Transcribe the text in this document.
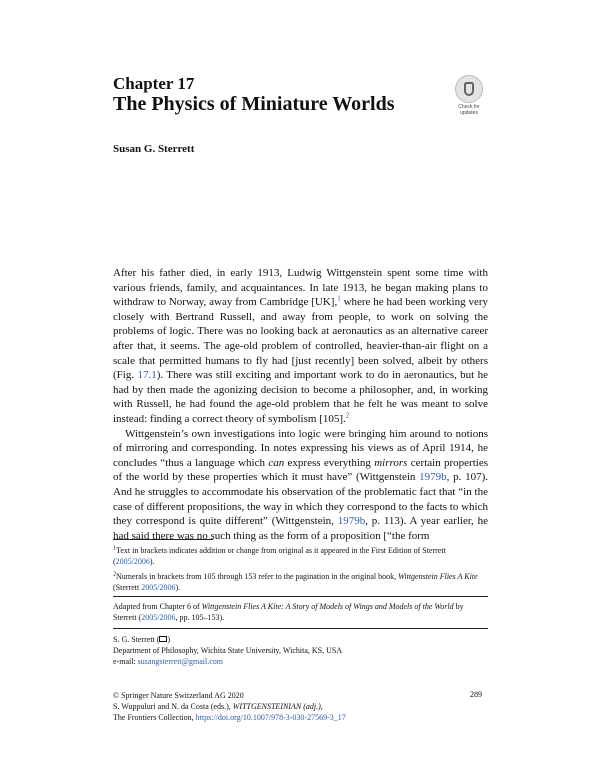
Chapter 17
The Physics of Miniature Worlds	Check for
updates
Susan G. Sterrett

After his father died, in early 1913, Ludwig Wittgenstein spent some time with various friends, family, and acquaintances. In late 1913, he began making plans to withdraw to Norway, away from Cambridge [UK],$^1$ where he had been working very closely with Bertrand Russell, and away from people, to work on solving the problems of logic. There was no looking back at aeronautics as an alternative career after that, it seems. The age-old problem of controlled, heavier-than-air flight on a scale that permitted humans to fly had [just recently] been solved, albeit by others (Fig. 17.1). There was still exciting and important work to do in aeronautics, but he had by then made the agonizing decision to become a philosopher, and, in working with Russell, he had found the age-old problem that he felt he was meant to solve instead: finding a correct theory of symbolism [105].$^2$

Wittgenstein’s own investigations into logic were bringing him around to notions of mirroring and corresponding. In notes expressing his views as of April 1914, he concludes “thus a language which can express everything mirrors certain properties of the world by these properties which it must have” (Wittgenstein 1979b, p. 107). And he struggles to accommodate his observation of the problematic fact that “in the case of different propositions, the way in which they correspond to the facts to which they correspond is quite different” (Wittgenstein, 1979b, p. 113). A year earlier, he had said there was no such thing as the form of a proposition [“the form

$^1$Text in brackets indicates addition or change from original as it appeared in the First Edition of Sterrett (2005/2006).
$^2$Numerals in brackets from 105 through 153 refer to the pagination in the original book, Wittgenstein Flies A Kite (Sterrett 2005/2006).
Adapted from Chapter 6 of Wittgenstein Flies A Kite: A Story of Models of Wings and Models of the World by Sterrett (2005/2006, pp. 105–153).
S. G. Sterrett ( )
Department of Philosophy, Wichita State University, Wichita, KS, USA
e-mail: susangsterrett@gmail.com
© Springer Nature Switzerland AG 2020
S. Wuppuluri and N. da Costa (eds.), WITTGENSTEINIAN (adj.),
The Frontiers Collection, https://doi.org/10.1007/978-3-030-27569-3_17
289
